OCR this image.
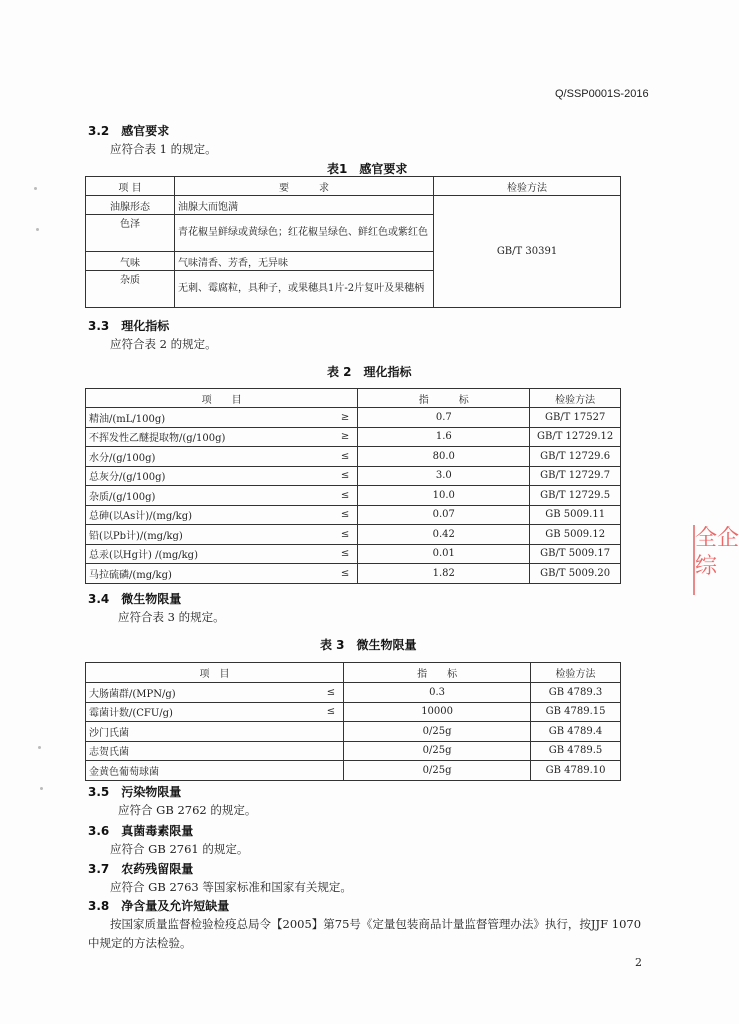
Q/SSP0001S-2016
3.2　感官要求
应符合表 1 的规定。
表1　感官要求
项 目	要　　　求	检验方法
油腺形态	油腺大而饱满	GB/T 30391
色泽	青花椒呈鲜绿或黄绿色；红花椒呈绿色、鲜红色或紫红色	
气味	气味清香、芳香，无异味	
杂质	无刺、霉腐粒，具种子，或果穗具1片-2片复叶及果穗柄	
3.3　理化指标
应符合表 2 的规定。
表 2　理化指标
项　　目		指　　　标	检验方法
精油/(mL/100g)	≥	0.7	GB/T 17527
不挥发性乙醚提取物/(g/100g)	≥	1.6	GB/T 12729.12
水分/(g/100g)	≤	80.0	GB/T 12729.6
总灰分/(g/100g)	≤	3.0	GB/T 12729.7
杂质/(g/100g)	≤	10.0	GB/T 12729.5
总砷(以As计)/(mg/kg)	≤	0.07	GB 5009.11
铅(以Pb计)/(mg/kg)	≤	0.42	GB 5009.12
总汞(以Hg计) /(mg/kg)	≤	0.01	GB/T 5009.17
马拉硫磷/(mg/kg)	≤	1.82	GB/T 5009.20
3.4　微生物限量
应符合表 3 的规定。
表 3　微生物限量
项　目		指　　标	检验方法
大肠菌群/(MPN/g)	≤	0.3	GB 4789.3
霉菌计数/(CFU/g)	≤	10000	GB 4789.15
沙门氏菌		0/25g	GB 4789.4
志贺氏菌		0/25g	GB 4789.5
金黄色葡萄球菌		0/25g	GB 4789.10
3.5　污染物限量
应符合 GB 2762 的规定。
3.6　真菌毒素限量
应符合 GB 2761 的规定。
3.7　农药残留限量
应符合 GB 2763 等国家标准和国家有关规定。
3.8　净含量及允许短缺量
按国家质量监督检验检疫总局令【2005】第75号《定量包装商品计量监督管理办法》执行，按JJF 1070
中规定的方法检验。
2
全企
综
